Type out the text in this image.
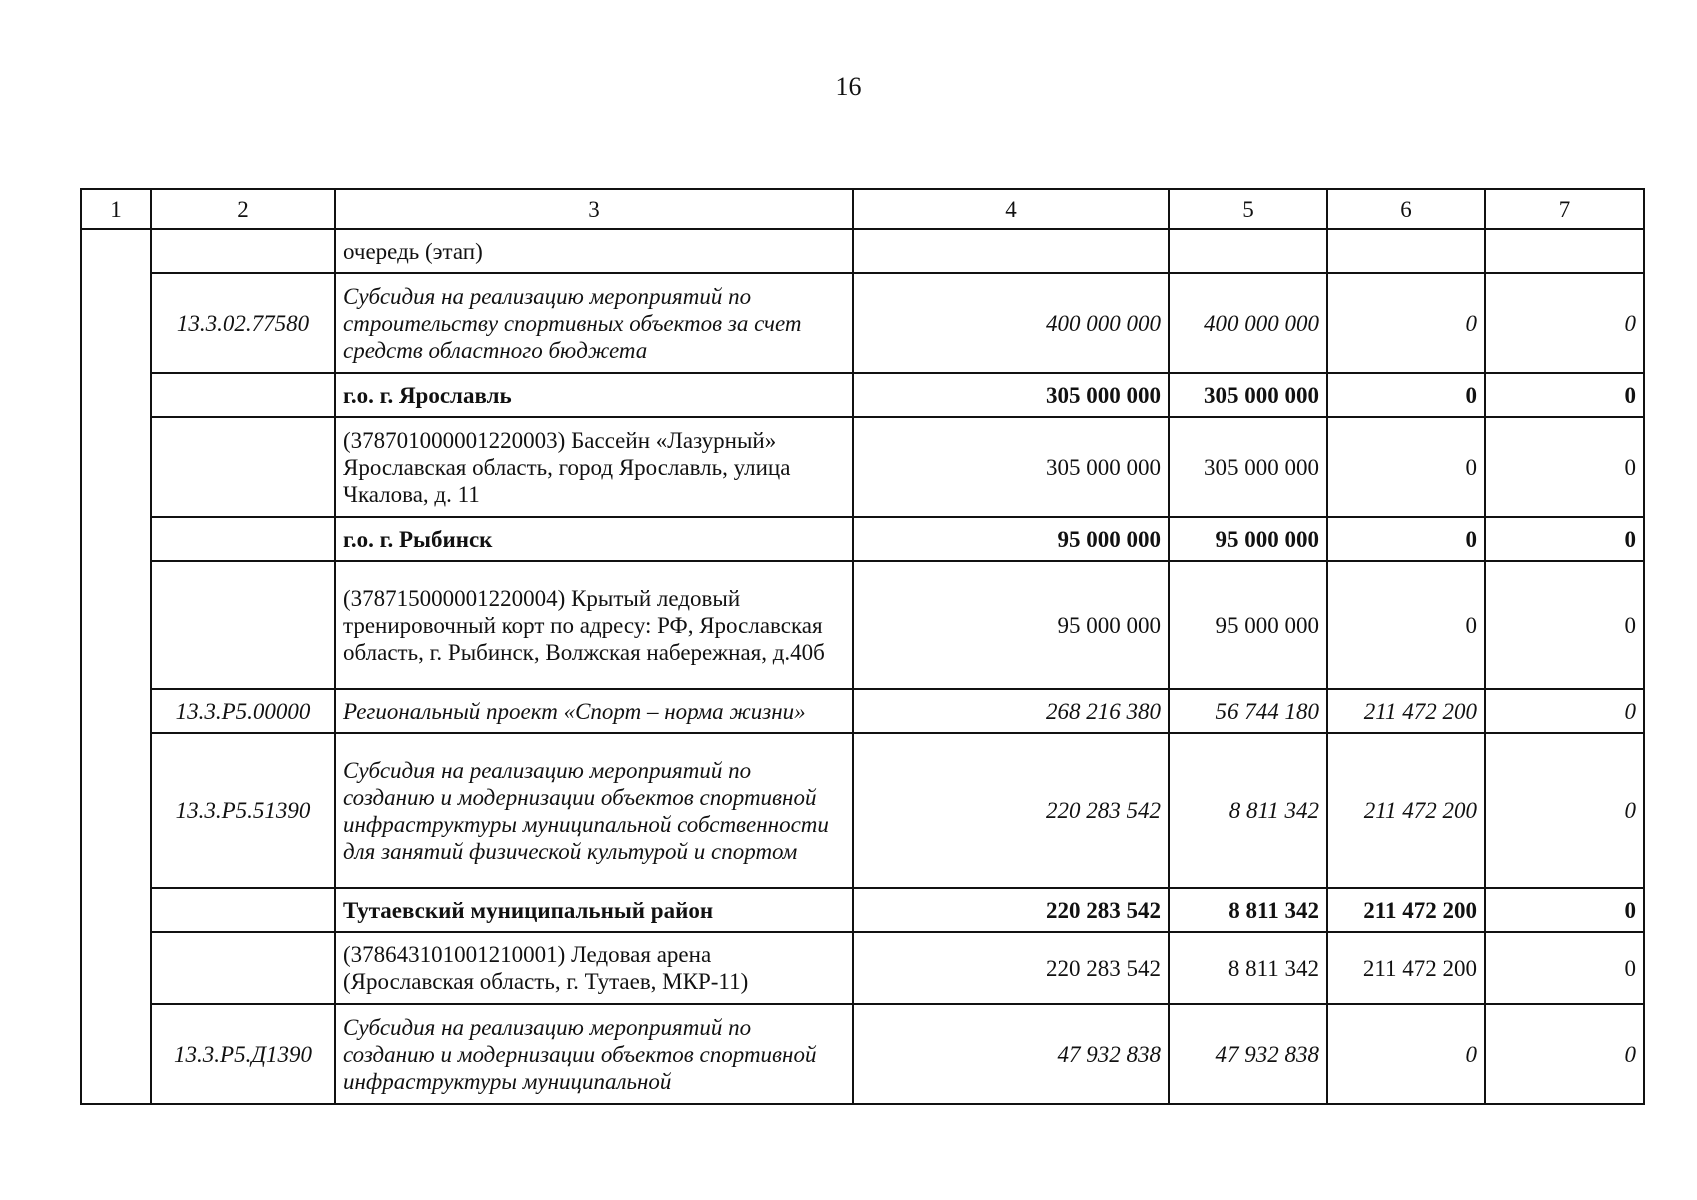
16
1	2	3	4	5	6	7
		очередь (этап)				
	13.3.02.77580	Субсидия на реализацию мероприятий по строительству спортивных объектов за счет средств областного бюджета	400 000 000	400 000 000	0	0
		г.о. г. Ярославль	305 000 000	305 000 000	0	0
		(378701000001220003) Бассейн «Лазурный» Ярославская область, город Ярославль, улица Чкалова, д. 11	305 000 000	305 000 000	0	0
		г.о. г. Рыбинск	95 000 000	95 000 000	0	0
		(378715000001220004) Крытый ледовый тренировочный корт по адресу: РФ, Ярославская область, г. Рыбинск, Волжская набережная, д.40б	95 000 000	95 000 000	0	0
	13.3.Р5.00000	Региональный проект «Спорт – норма жизни»	268 216 380	56 744 180	211 472 200	0
	13.3.Р5.51390	Субсидия на реализацию мероприятий по созданию и модернизации объектов спортивной инфраструктуры муниципальной собственности для занятий физической культурой и спортом	220 283 542	8 811 342	211 472 200	0
		Тутаевский муниципальный район	220 283 542	8 811 342	211 472 200	0
		(378643101001210001) Ледовая арена (Ярославская область, г. Тутаев, МКР-11)	220 283 542	8 811 342	211 472 200	0
	13.3.Р5.Д1390	Субсидия на реализацию мероприятий по созданию и модернизации объектов спортивной инфраструктуры муниципальной	47 932 838	47 932 838	0	0
